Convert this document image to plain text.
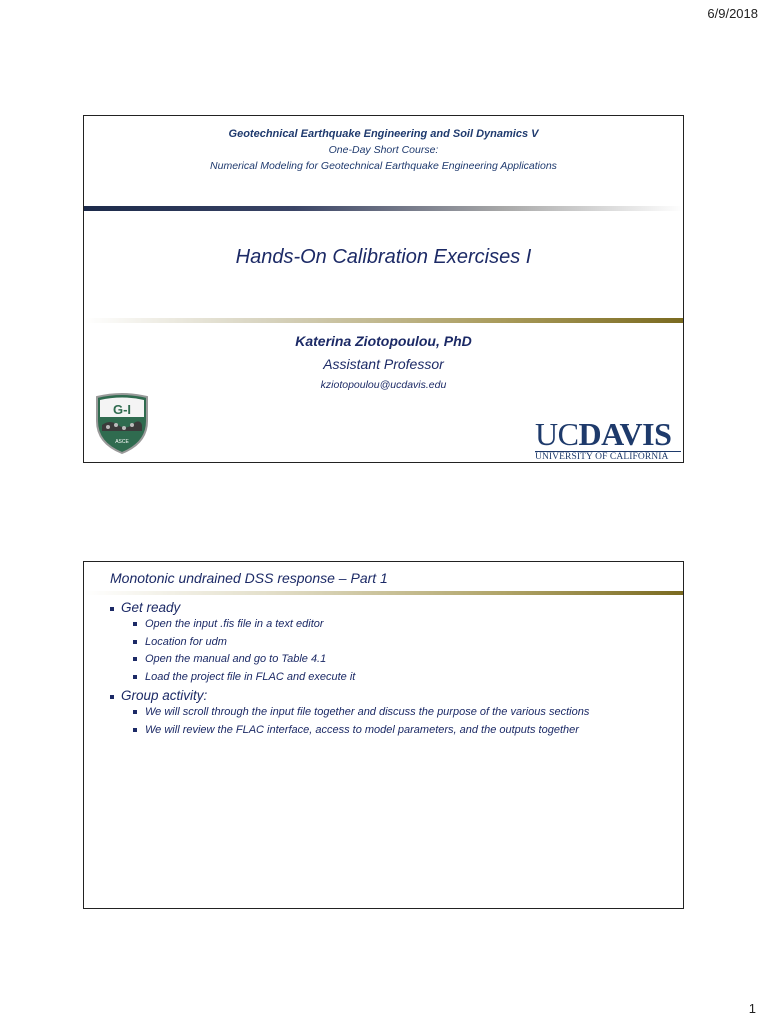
6/9/2018
Geotechnical Earthquake Engineering and Soil Dynamics V
One-Day Short Course:
Numerical Modeling for Geotechnical Earthquake Engineering Applications
Hands-On Calibration Exercises I
Katerina Ziotopoulou, PhD
Assistant Professor
kziotopoulou@ucdavis.edu
G-I
ASCE	UCDAVIS
UNIVERSITY OF CALIFORNIA
Monotonic undrained DSS response – Part 1
Get ready
Open the input .fis file in a text editor
Location for udm
Open the manual and go to Table 4.1
Load the project file in FLAC and execute it
Group activity:
We will scroll through the input file together and discuss the purpose of the various sections
We will review the FLAC interface, access to model parameters, and the outputs together
1
